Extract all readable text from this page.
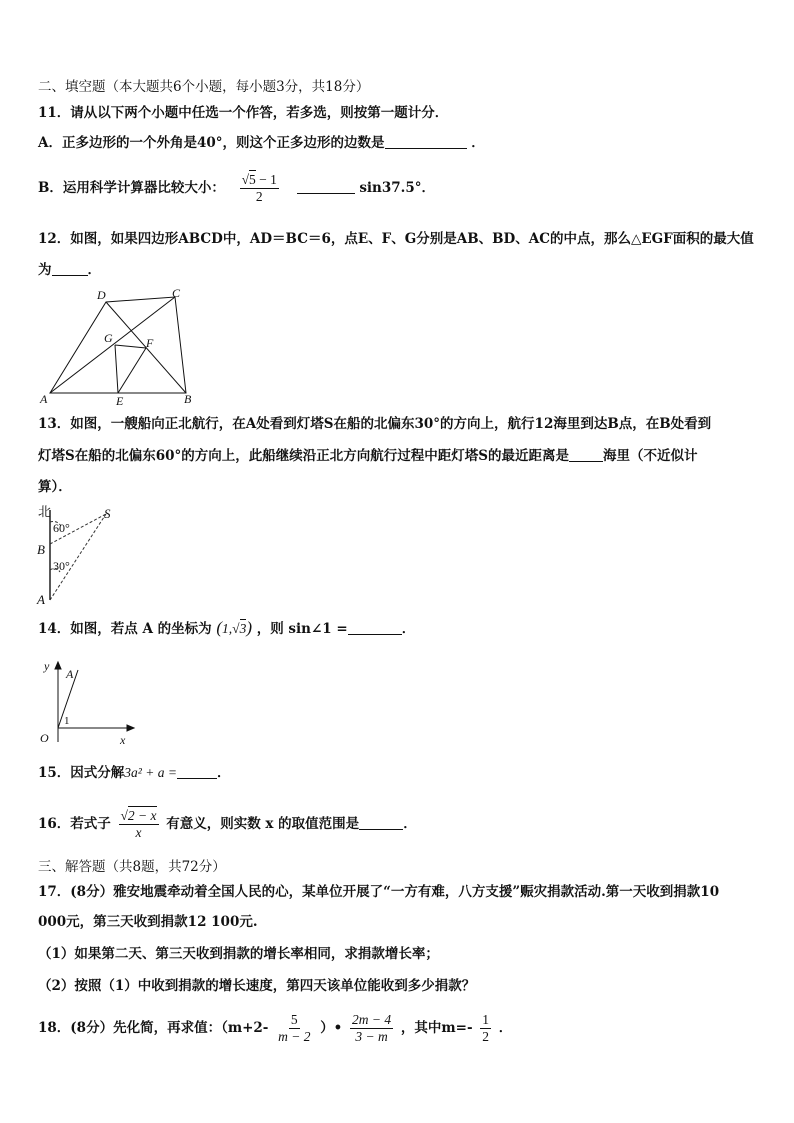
二、填空题（本大题共6个小题，每小题3分，共18分）
11．请从以下两个小题中任选一个作答，若多选，则按第一题计分．
A．正多边形的一个外角是40°，则这个正多边形的边数是	．
B．运用科学计算器比较大小： $\frac{√5 - 1}{2}$	sin37.5°．
12．如图，如果四边形ABCD中，AD＝BC＝6，点E、F、G分别是AB、BD、AC的中点，那么△EGF面积的最大值
为	．
A	B
C
D
E
F
G
13．如图，一艘船向正北航行，在A处看到灯塔S在船的北偏东30°的方向上，航行12海里到达B点，在B处看到
灯塔S在船的北偏东60°的方向上，此船继续沿正北方向航行过程中距灯塔S的最近距离是	海里（不近似计
算）．
北	S
B
A
60°
30°
14．如图，若点 A 的坐标为 (1,√3) ，则 sin∠1 =	．
y
x
O
A
1
15．因式分解3a² + a =	．
16．若式子 $\frac{√2 - x}{x}$ 有意义，则实数 x 的取值范围是	．
三、解答题（共8题，共72分）
17．(8分）雅安地震牵动着全国人民的心，某单位开展了“一方有难，八方支援”赈灾捐款活动.第一天收到捐款10
000元，第三天收到捐款12 100元.
（1）如果第二天、第三天收到捐款的增长率相同，求捐款增长率；
（2）按照（1）中收到捐款的增长速度，第四天该单位能收到多少捐款？
18．(8分）先化简，再求值：（$m+2- \frac{5}{m - 2}$ ）• $\frac{2m - 4}{3 - m}$ ，其中$m=- \frac{1}{2}$ ．
